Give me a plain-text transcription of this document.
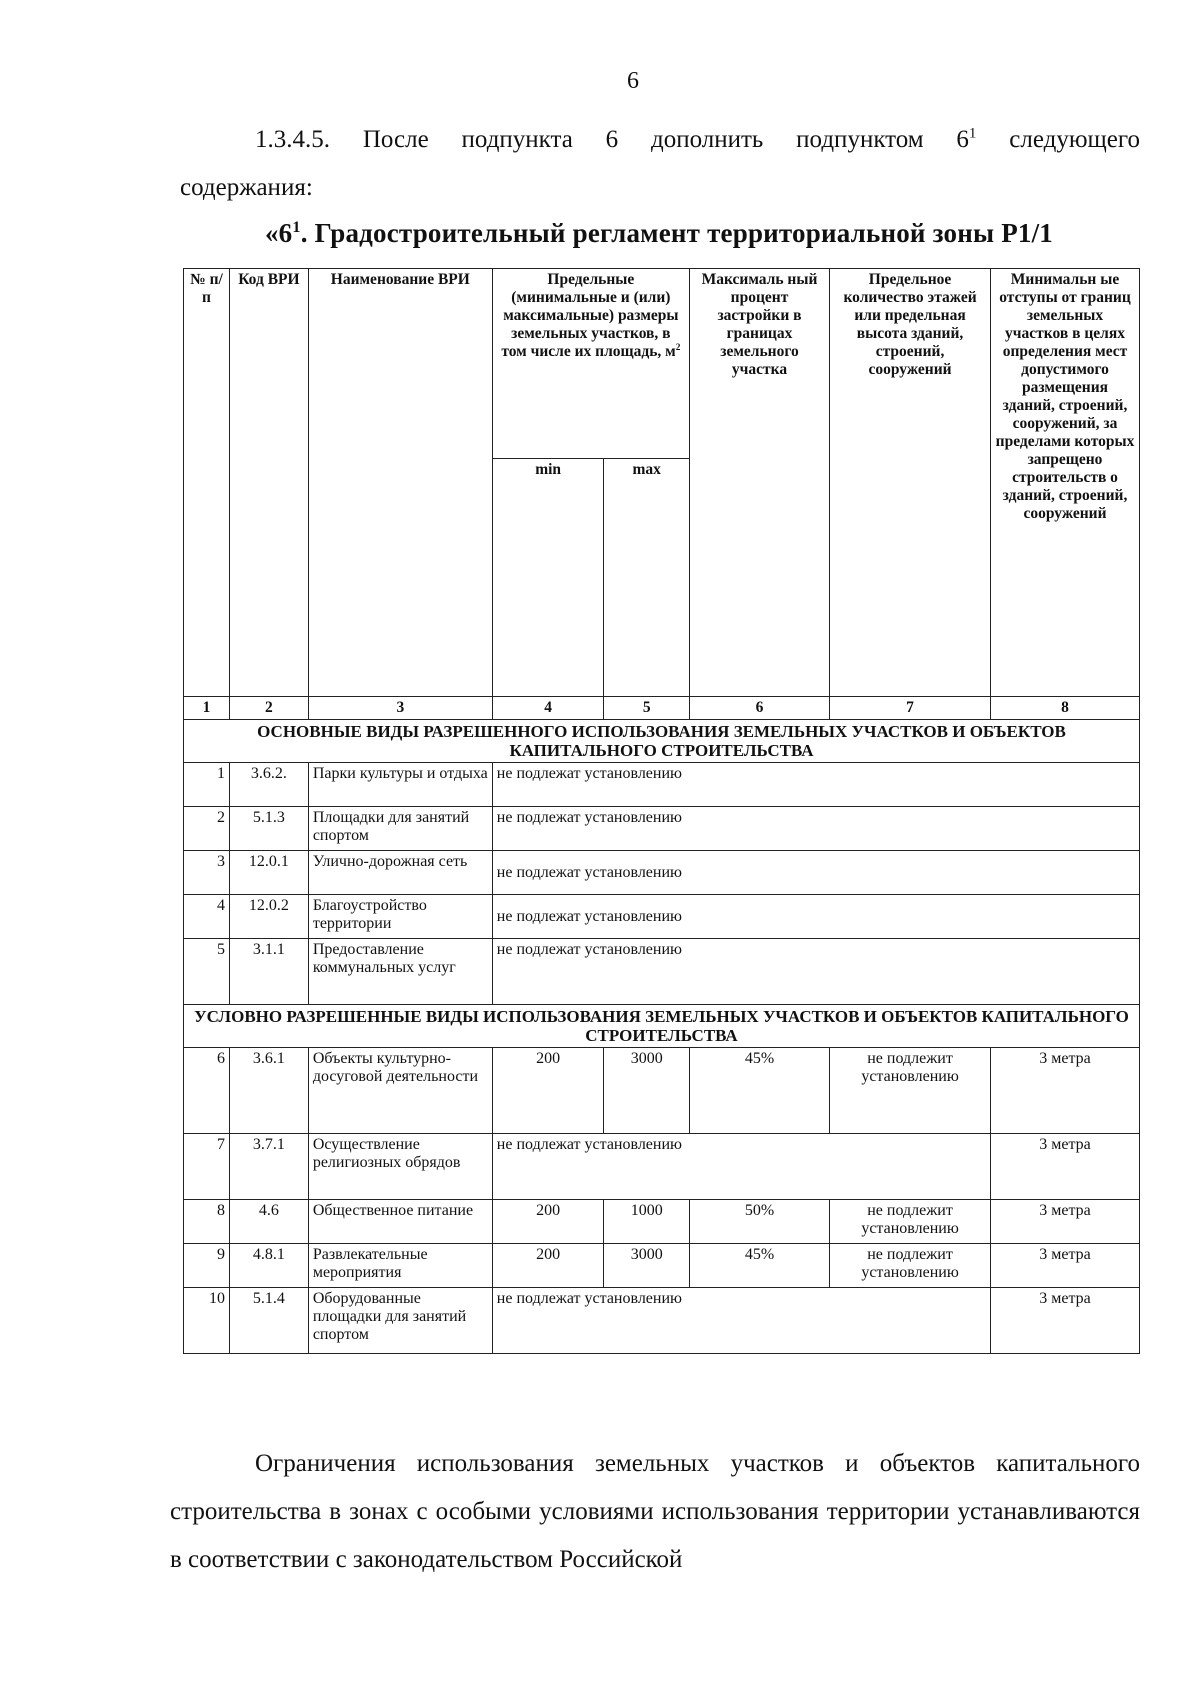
6
1.3.4.5. После подпункта 6 дополнить подпунктом $6^1$ следующего
содержания:
«$6^1$. Градостроительный регламент территориальной зоны Р1/1
№ п/ п	Код ВРИ	Наименование ВРИ	Предельные (минимальные и (или) максимальные) размеры земельных участков, в том числе их площадь, $м^2$		Максималь ный процент застройки в границах земельного участка	Предельное количество этажей или предельная высота зданий, строений, сооружений	Минимальн ые отступы от границ земельных участков в целях определения мест допустимого размещения зданий, строений, сооружений, за пределами которых запрещено строительств о зданий, строений, сооружений
			min	max			
1	2	3	4	5	6	7	8
ОСНОВНЫЕ ВИДЫ РАЗРЕШЕННОГО ИСПОЛЬЗОВАНИЯ ЗЕМЕЛЬНЫХ УЧАСТКОВ И ОБЪЕКТОВ КАПИТАЛЬНОГО СТРОИТЕЛЬСТВА							
1	3.6.2.	Парки культуры и отдыха	не подлежат установлению				
2	5.1.3	Площадки для занятий спортом	не подлежат установлению				
3	12.0.1	Улично-дорожная сеть	не подлежат установлению				
4	12.0.2	Благоустройство территории	не подлежат установлению				
5	3.1.1	Предоставление коммунальных услуг	не подлежат установлению				
УСЛОВНО РАЗРЕШЕННЫЕ ВИДЫ ИСПОЛЬЗОВАНИЯ ЗЕМЕЛЬНЫХ УЧАСТКОВ И ОБЪЕКТОВ КАПИТАЛЬНОГО СТРОИТЕЛЬСТВА							
6	3.6.1	Объекты культурно-досуговой деятельности	200	3000	45%	не подлежит установлению	3 метра
7	3.7.1	Осуществление религиозных обрядов	не подлежат установлению				3 метра
8	4.6	Общественное питание	200	1000	50%	не подлежит установлению	3 метра
9	4.8.1	Развлекательные мероприятия	200	3000	45%	не подлежит установлению	3 метра
10	5.1.4	Оборудованные площадки для занятий спортом	не подлежат установлению				3 метра
Ограничения использования земельных участков и объектов капитального строительства в зонах с особыми условиями использования территории устанавливаются в соответствии с законодательством Российской
